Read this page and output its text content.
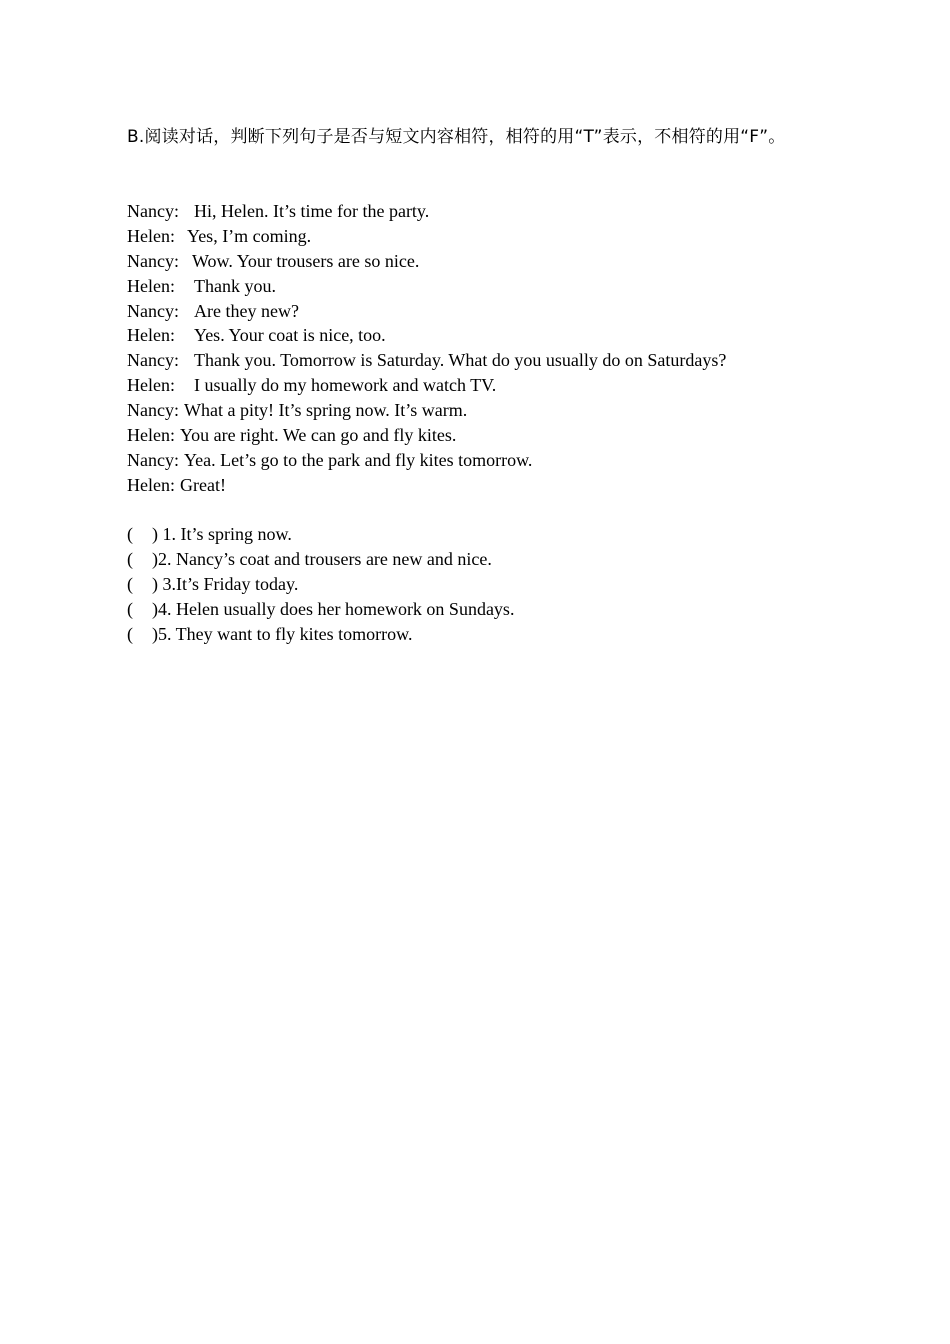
B.阅读对话，判断下列句子是否与短文内容相符，相符的用“T”表示，不相符的用“F”。
Nancy: Hi, Helen. It’s time for the party.
Helen: Yes, I’m coming.
Nancy: Wow. Your trousers are so nice.
Helen: Thank you.
Nancy: Are they new?
Helen: Yes. Your coat is nice, too.
Nancy: Thank you. Tomorrow is Saturday. What do you usually do on Saturdays?
Helen: I usually do my homework and watch TV.
Nancy: What a pity! It’s spring now. It’s warm.
Helen: You are right. We can go and fly kites.
Nancy: Yea. Let’s go to the park and fly kites tomorrow.
Helen: Great!
(	) 1. It’s spring now.
(	) 2. Nancy’s coat and trousers are new and nice.
(	) 3.It’s Friday today.
(	) 4. Helen usually does her homework on Sundays.
(	) 5. They want to fly kites tomorrow.
